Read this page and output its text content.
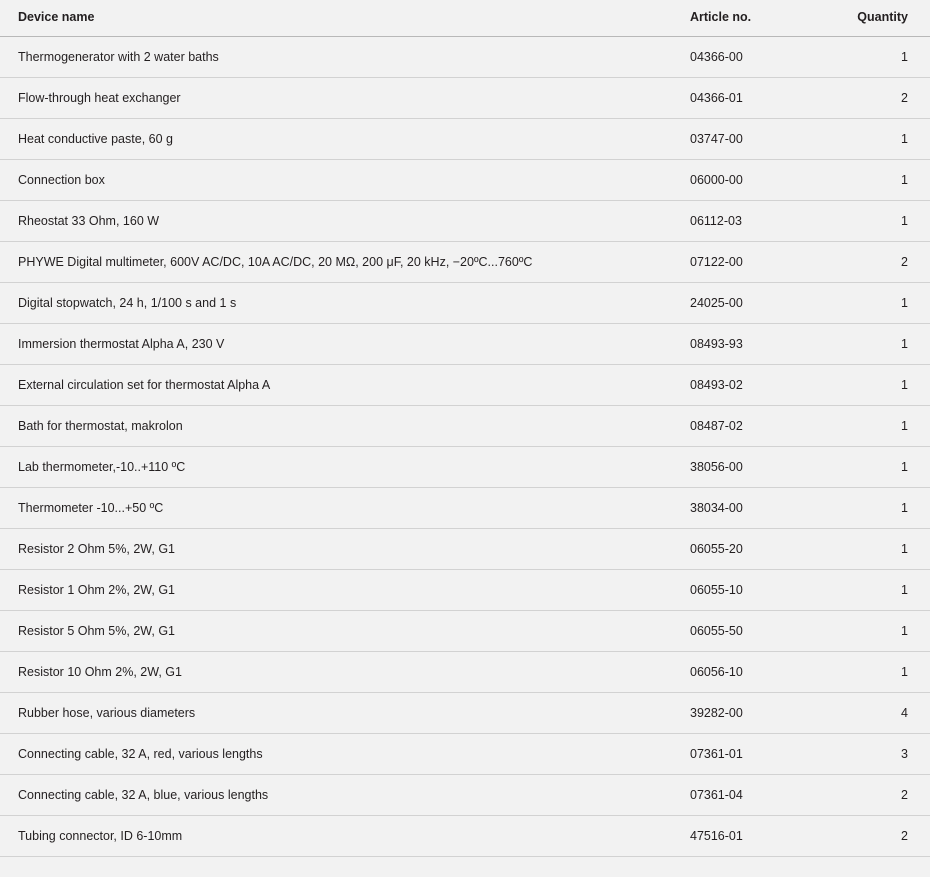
Device name	Article no.	Quantity
Thermogenerator with 2 water baths	04366-00	1
Flow-through heat exchanger	04366-01	2
Heat conductive paste, 60 g	03747-00	1
Connection box	06000-00	1
Rheostat 33 Ohm, 160 W	06112-03	1
PHYWE Digital multimeter, 600V AC/DC, 10A AC/DC, 20 MΩ, 200 μF, 20 kHz, −20ºC...760ºC	07122-00	2
Digital stopwatch, 24 h, 1/100 s and 1 s	24025-00	1
Immersion thermostat Alpha A, 230 V	08493-93	1
External circulation set for thermostat Alpha A	08493-02	1
Bath for thermostat, makrolon	08487-02	1
Lab thermometer,-10..+110 ºC	38056-00	1
Thermometer -10...+50 ºC	38034-00	1
Resistor 2 Ohm 5%, 2W, G1	06055-20	1
Resistor 1 Ohm 2%, 2W, G1	06055-10	1
Resistor 5 Ohm 5%, 2W, G1	06055-50	1
Resistor 10 Ohm 2%, 2W, G1	06056-10	1
Rubber hose, various diameters	39282-00	4
Connecting cable, 32 A, red, various lengths	07361-01	3
Connecting cable, 32 A, blue, various lengths	07361-04	2
Tubing connector, ID 6-10mm	47516-01	2
